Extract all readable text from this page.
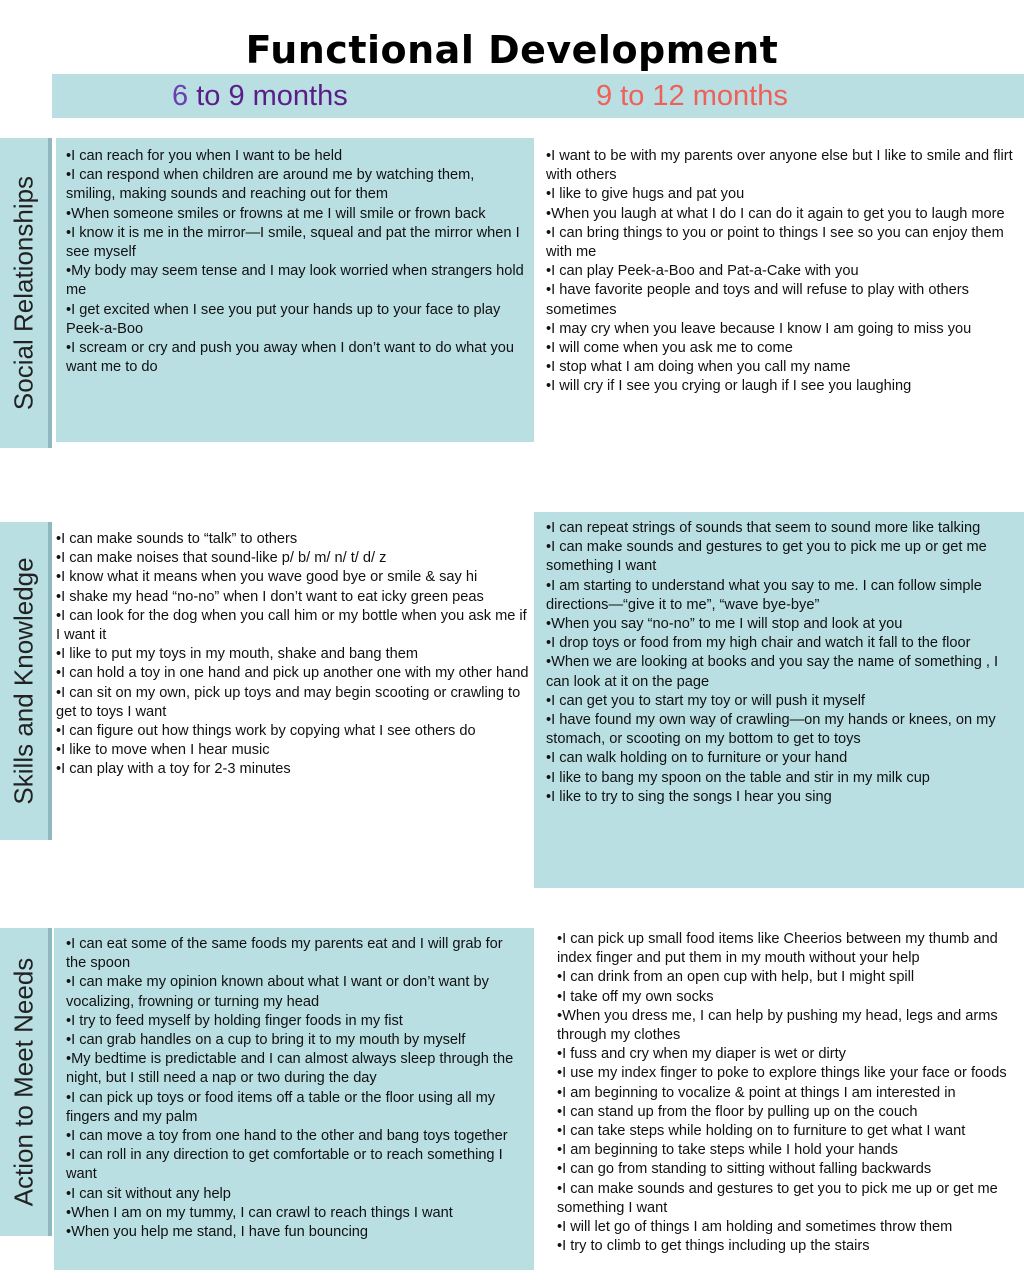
Functional Development
6 to 9 months	9 to 12 months
Social Relationships
• I can reach for you when I want to be held
• I can respond when children are around me by watching them, smiling, making sounds and reaching out for them
• When someone smiles or frowns at me I will smile or frown back
• I know it is me in the mirror—I smile, squeal and pat the mirror when I see myself
• My body may seem tense and I may look worried when strangers hold me
• I get excited when I see you put your hands up to your face to play Peek-a-Boo
• I scream or cry and push you away when I don’t want to do what you want me to do
• I want to be with my parents over anyone else but I like to smile and flirt with others
• I like to give hugs and pat you
• When you laugh at what I do I can do it again to get you to laugh more
• I can bring things to you or point to things I see so you can enjoy them with me
• I can play Peek-a-Boo and Pat-a-Cake with you
• I have favorite people and toys and will refuse to play with others sometimes
• I may cry when you leave because I know I am going to miss you
• I will come when you ask me to come
• I stop what I am doing when you call my name
• I will cry if I see you crying or laugh if I see you laughing
Skills and Knowledge
• I can make sounds to “talk” to others
• I can make noises that sound-like p/ b/ m/ n/ t/ d/ z
• I know what it means when you wave good bye or smile & say hi
• I shake my head “no-no” when I don’t want to eat icky green peas
• I can look for the dog when you call him or my bottle when you ask me if I want it
• I like to put my toys in my mouth, shake and bang them
• I can hold a toy in one hand and pick up another one with my other hand
• I can sit on my own, pick up toys and may begin scooting or crawling to get to toys I want
• I can figure out how things work by copying what I see others do
• I like to move when I hear music
• I can play with a toy for 2-3 minutes
• I can repeat strings of sounds that seem to sound more like talking
• I can make sounds and gestures to get you to pick me up or get me something I want
• I am starting to understand what you say to me. I can follow simple directions—“give it to me”, “wave bye-bye”
• When you say “no-no” to me I will stop and look at you
• I drop toys or food from my high chair and watch it fall to the floor
• When we are looking at books and you say the name of something , I can look at it on the page
• I can get you to start my toy or will push it myself
• I have found my own way of crawling—on my hands or knees, on my stomach, or scooting on my bottom to get to toys
• I can walk holding on to furniture or your hand
• I like to bang my spoon on the table and stir in my milk cup
• I like to try to sing the songs I hear you sing
Action to Meet Needs
• I can eat some of the same foods my parents eat and I will grab for the spoon
• I can make my opinion known about what I want or don’t want by vocalizing, frowning or turning my head
• I try to feed myself by holding finger foods in my fist
• I can grab handles on a cup to bring it to my mouth by myself
• My bedtime is predictable and I can almost always sleep through the night, but I still need a nap or two during the day
• I can pick up toys or food items off a table or the floor using all my fingers and my palm
• I can move a toy from one hand to the other and bang toys together
• I can roll in any direction to get comfortable or to reach something I want
• I can sit without any help
• When I am on my tummy, I can crawl to reach things I want
• When you help me stand, I have fun bouncing
• I can pick up small food items like Cheerios between my thumb and index finger and put them in my mouth without your help
• I can drink from an open cup with help, but I might spill
• I take off my own socks
• When you dress me, I can help by pushing my head, legs and arms through my clothes
• I fuss and cry when my diaper is wet or dirty
• I use my index finger to poke to explore things like your face or foods
• I am beginning to vocalize & point at things I am interested in
• I can stand up from the floor by pulling up on the couch
• I can take steps while holding on to furniture to get what I want
• I am beginning to take steps while I hold your hands
• I can go from standing to sitting without falling backwards
• I can make sounds and gestures to get you to pick me up or get me something I want
• I will let go of things I am holding and sometimes throw them
• I try to climb to get things including up the stairs
